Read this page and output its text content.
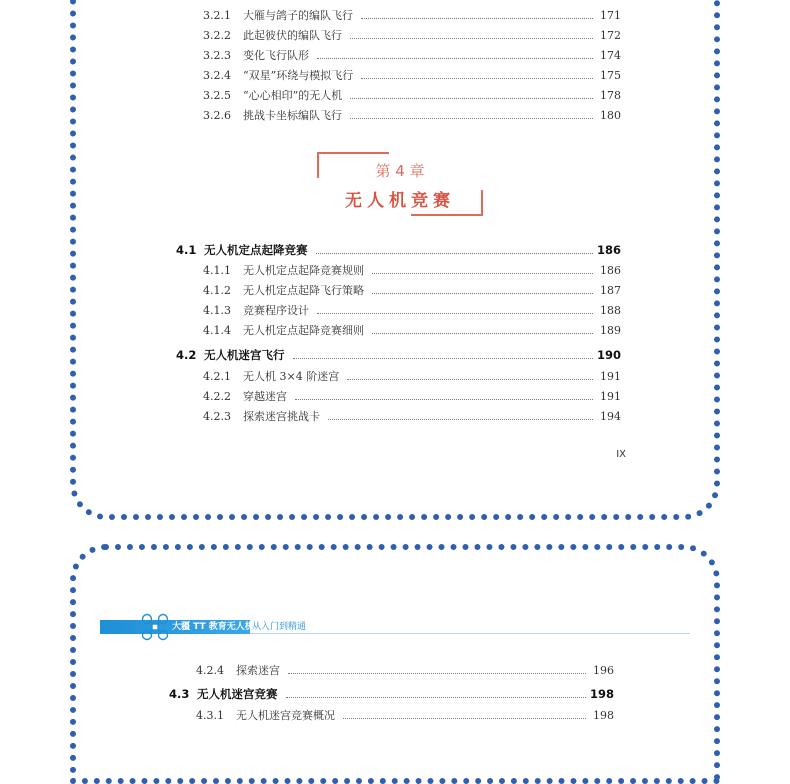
3.2.1	大雁与鸽子的编队飞行	171
3.2.2	此起彼伏的编队飞行	172
3.2.3	变化飞行队形	174
3.2.4	“双星”环绕与模拟飞行	175
3.2.5	“心心相印”的无人机	178
3.2.6	挑战卡坐标编队飞行	180
第 4 章
无人机竞赛
4.1 无人机定点起降竞赛	186
4.1.1	无人机定点起降竞赛规则	186
4.1.2	无人机定点起降飞行策略	187
4.1.3	竞赛程序设计	188
4.1.4	无人机定点起降竞赛细则	189
4.2 无人机迷宫飞行	190
4.2.1	无人机 3×4 阶迷宫	191
4.2.2	穿越迷宫	191
4.2.3	探索迷宫挑战卡	194
IX
大疆 TT 教育无人机
从入门到精通
4.2.4	探索迷宫	196
4.3 无人机迷宫竞赛	198
4.3.1	无人机迷宫竞赛概况	198
